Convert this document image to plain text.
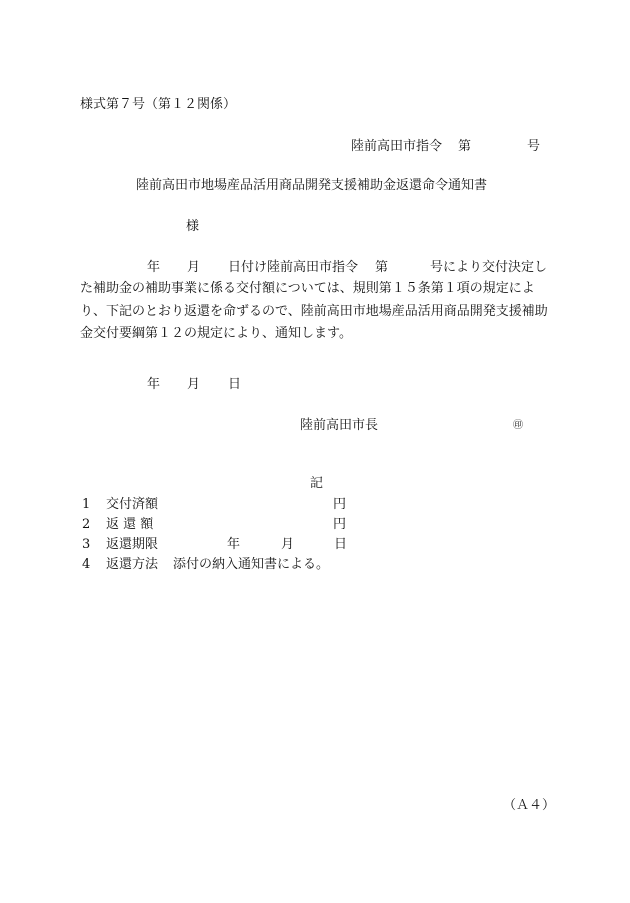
様式第７号（第１２関係）
陸前高田市指令 第	号
陸前高田市地場産品活用商品開発支援補助金返還命令通知書
様
年 月 日付け陸前高田市指令 第	号により交付決定し
た補助金の補助事業に係る交付額については、規則第１５条第１項の規定により、下記のとおり返還を命ずるので、陸前高田市地場産品活用商品開発支援補助金交付要綱第１２の規定により、通知します。
年 月 日
陸前高田市長	㊞
記
1 交付済額	円
2 返 還 額	円
3 返還期限	年	月	日
4 返還方法 添付の納入通知書による。
（Ａ４）
